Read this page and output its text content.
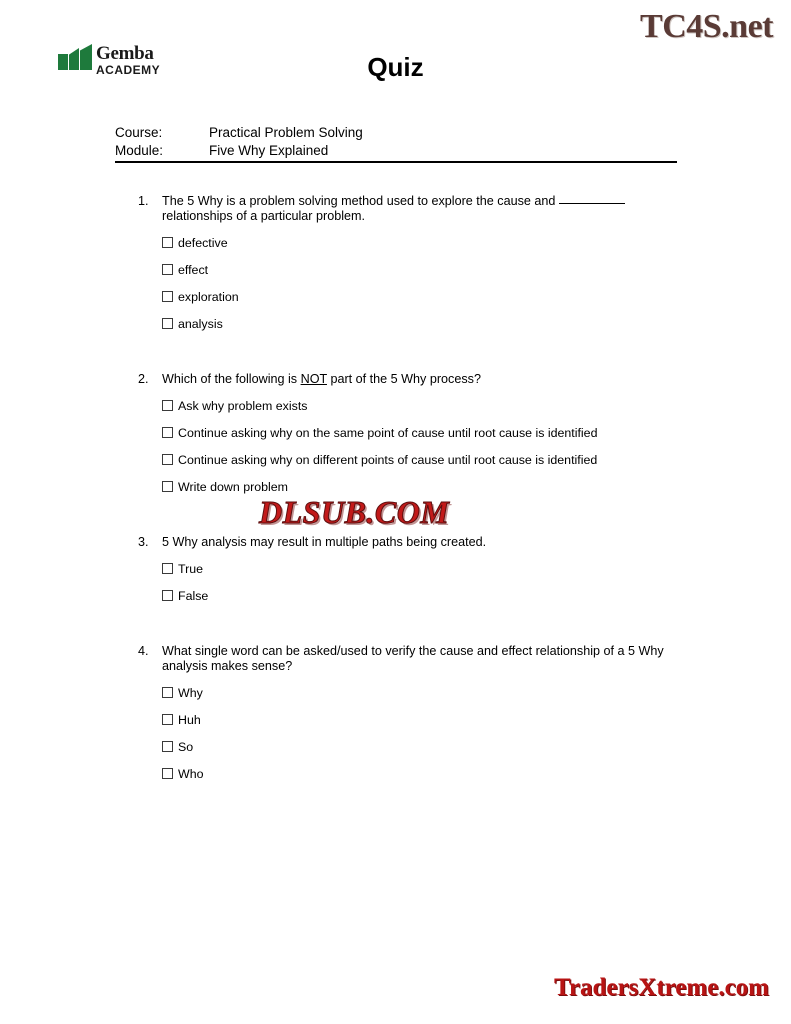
TC4S.net
Gemba
ACADEMY	Quiz
Course:	Practical Problem Solving
Module:	Five Why Explained
1.	The 5 Why is a problem solving method used to explore the cause and
relationships of a particular problem.
defective
effect
exploration
analysis
2.	Which of the following is NOT part of the 5 Why process?
Ask why problem exists
Continue asking why on the same point of cause until root cause is identified
Continue asking why on different points of cause until root cause is identified
Write down problem
3.	5 Why analysis may result in multiple paths being created.
True
False
4.	What single word can be asked/used to verify the cause and effect relationship of a 5 Why analysis makes sense?
Why
Huh
So
Who
DLSUB.COM
TradersXtreme.com
